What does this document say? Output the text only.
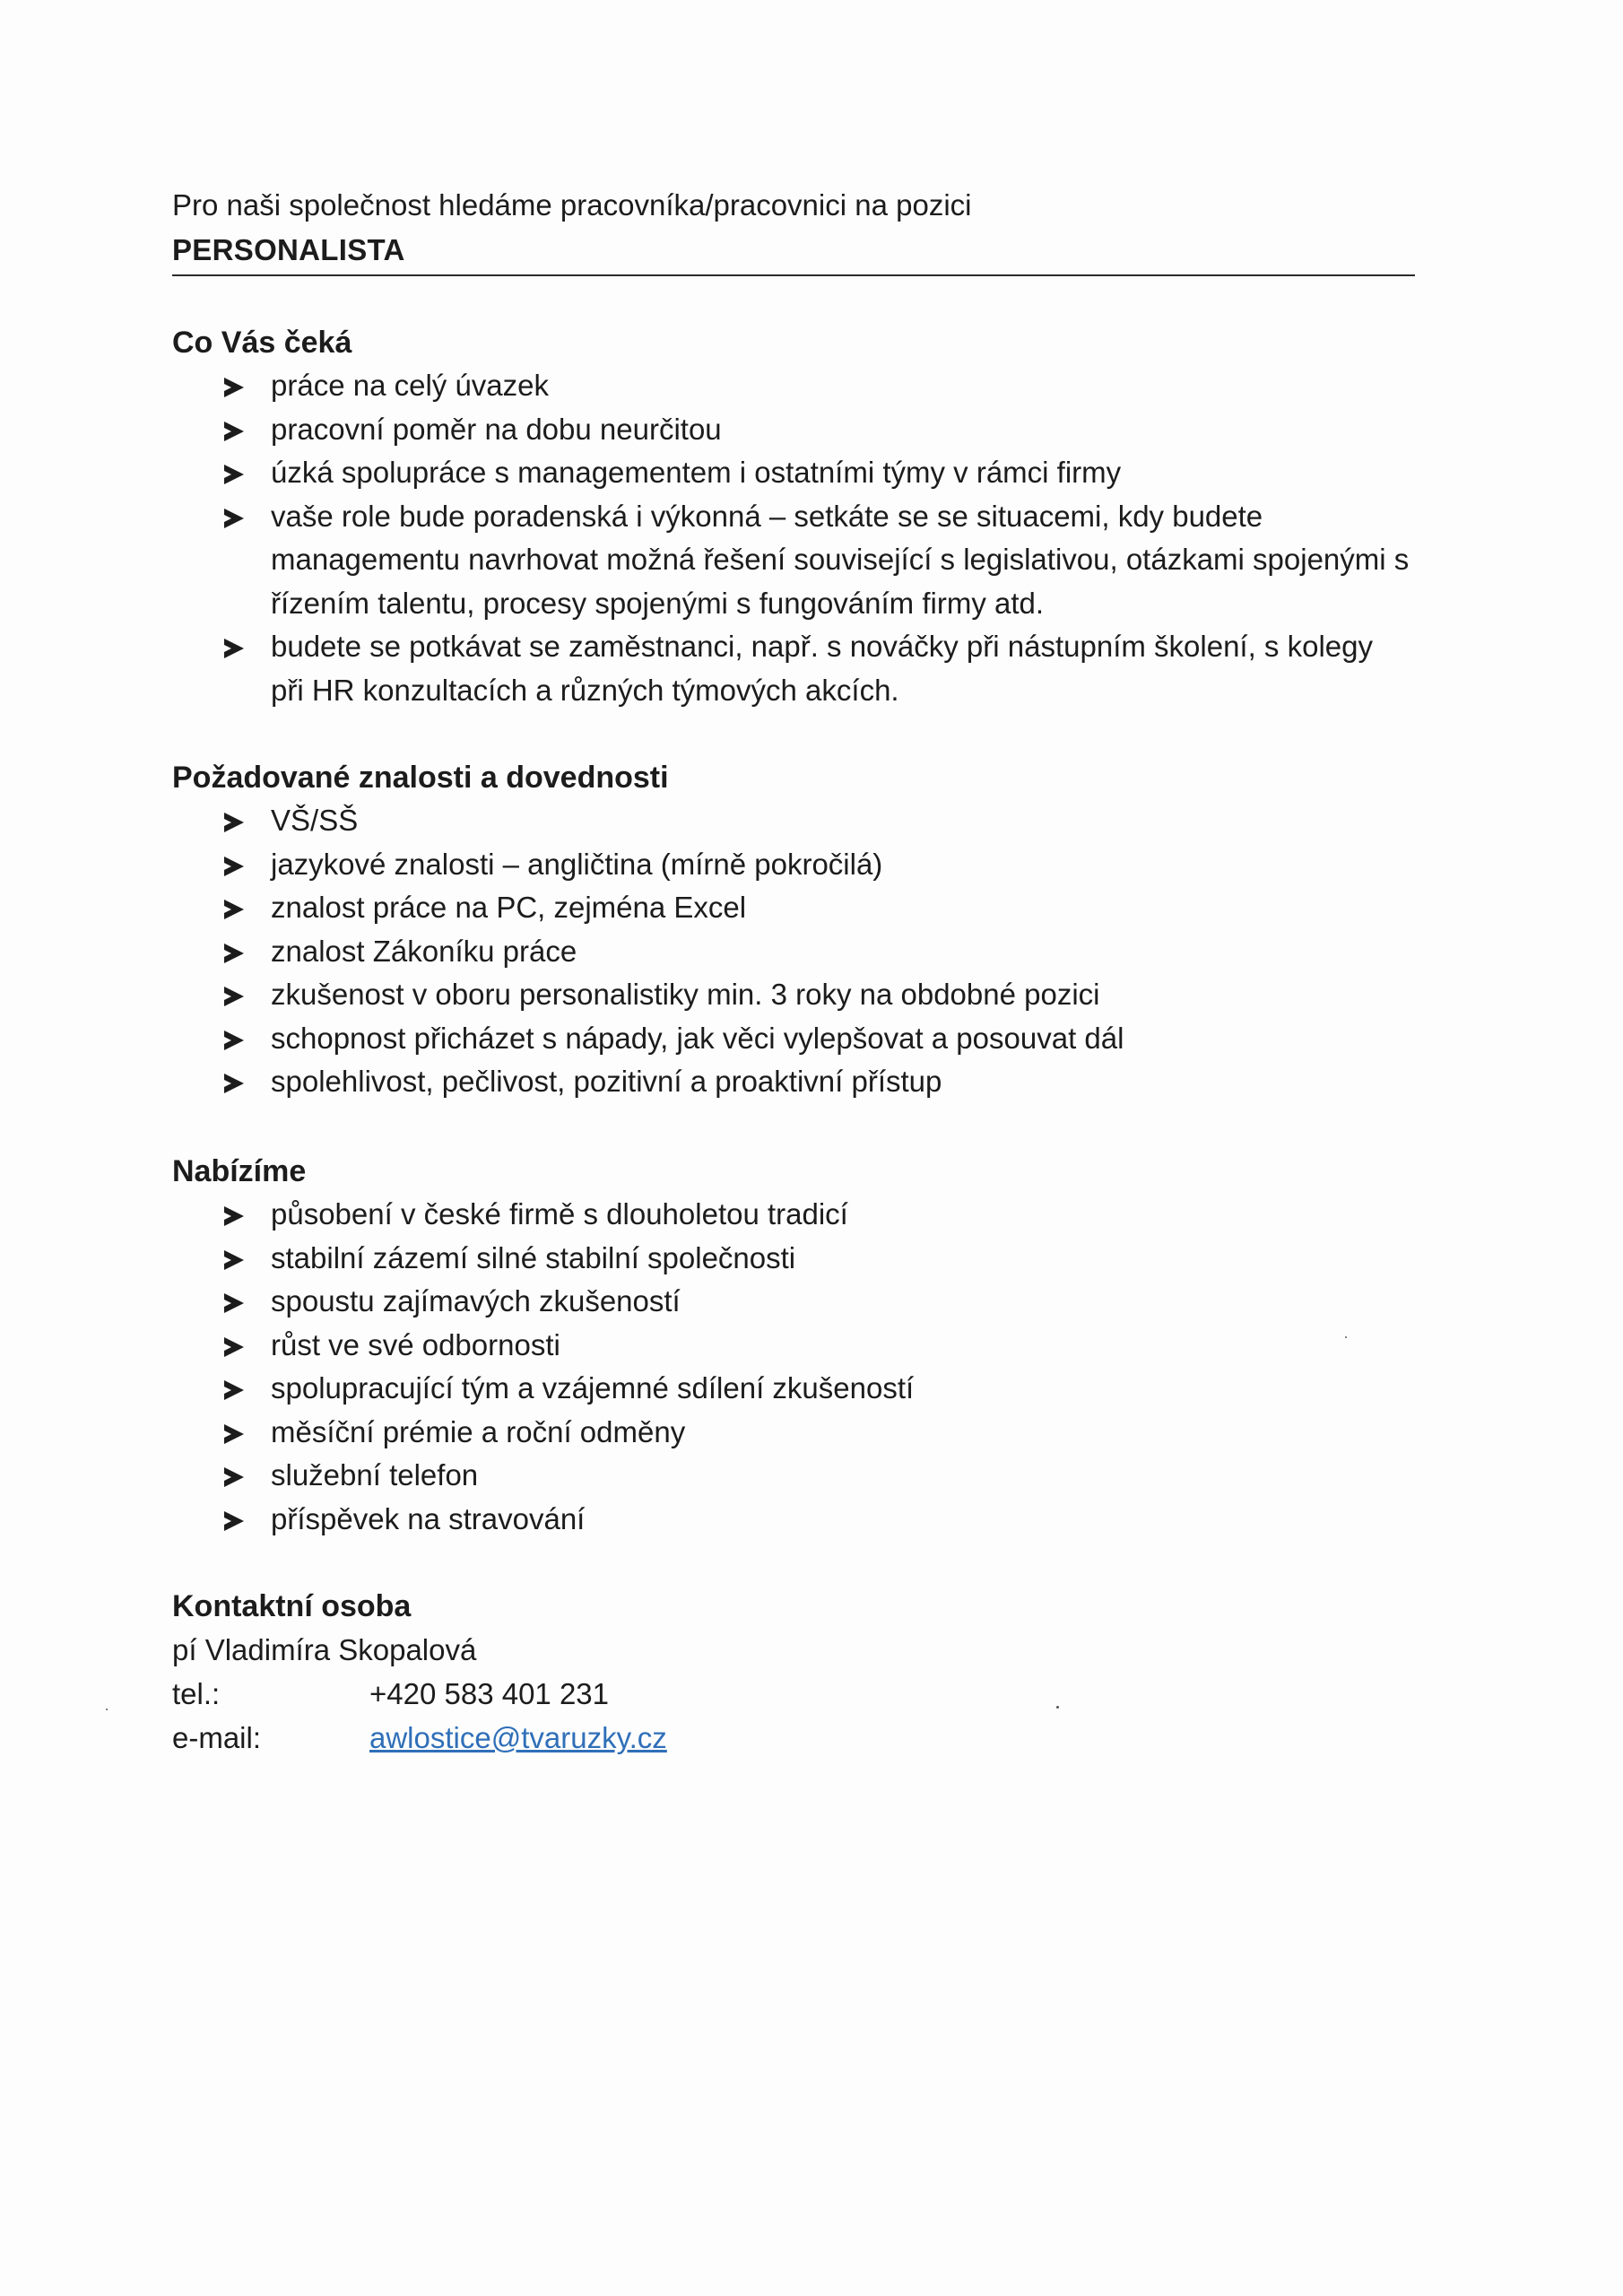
Pro naši společnost hledáme pracovníka/pracovnici na pozici
PERSONALISTA
Co Vás čeká
práce na celý úvazek
pracovní poměr na dobu neurčitou
úzká spolupráce s managementem i ostatními týmy v rámci firmy
vaše role bude poradenská i výkonná – setkáte se se situacemi, kdy budete managementu navrhovat možná řešení související s legislativou, otázkami spojenými s řízením talentu, procesy spojenými s fungováním firmy atd.
budete se potkávat se zaměstnanci, např. s nováčky při nástupním školení, s kolegy při HR konzultacích a různých týmových akcích.
Požadované znalosti a dovednosti
VŠ/SŠ
jazykové znalosti – angličtina (mírně pokročilá)
znalost práce na PC, zejména Excel
znalost Zákoníku práce
zkušenost v oboru personalistiky min. 3 roky na obdobné pozici
schopnost přicházet s nápady, jak věci vylepšovat a posouvat dál
spolehlivost, pečlivost, pozitivní a proaktivní přístup
Nabízíme
působení v české firmě s dlouholetou tradicí
stabilní zázemí silné stabilní společnosti
spoustu zajímavých zkušeností
růst ve své odbornosti
spolupracující tým a vzájemné sdílení zkušeností
měsíční prémie a roční odměny
služební telefon
příspěvek na stravování
Kontaktní osoba
pí Vladimíra Skopalová
tel.:	+420 583 401 231
e-mail:	awlostice@tvaruzky.cz
